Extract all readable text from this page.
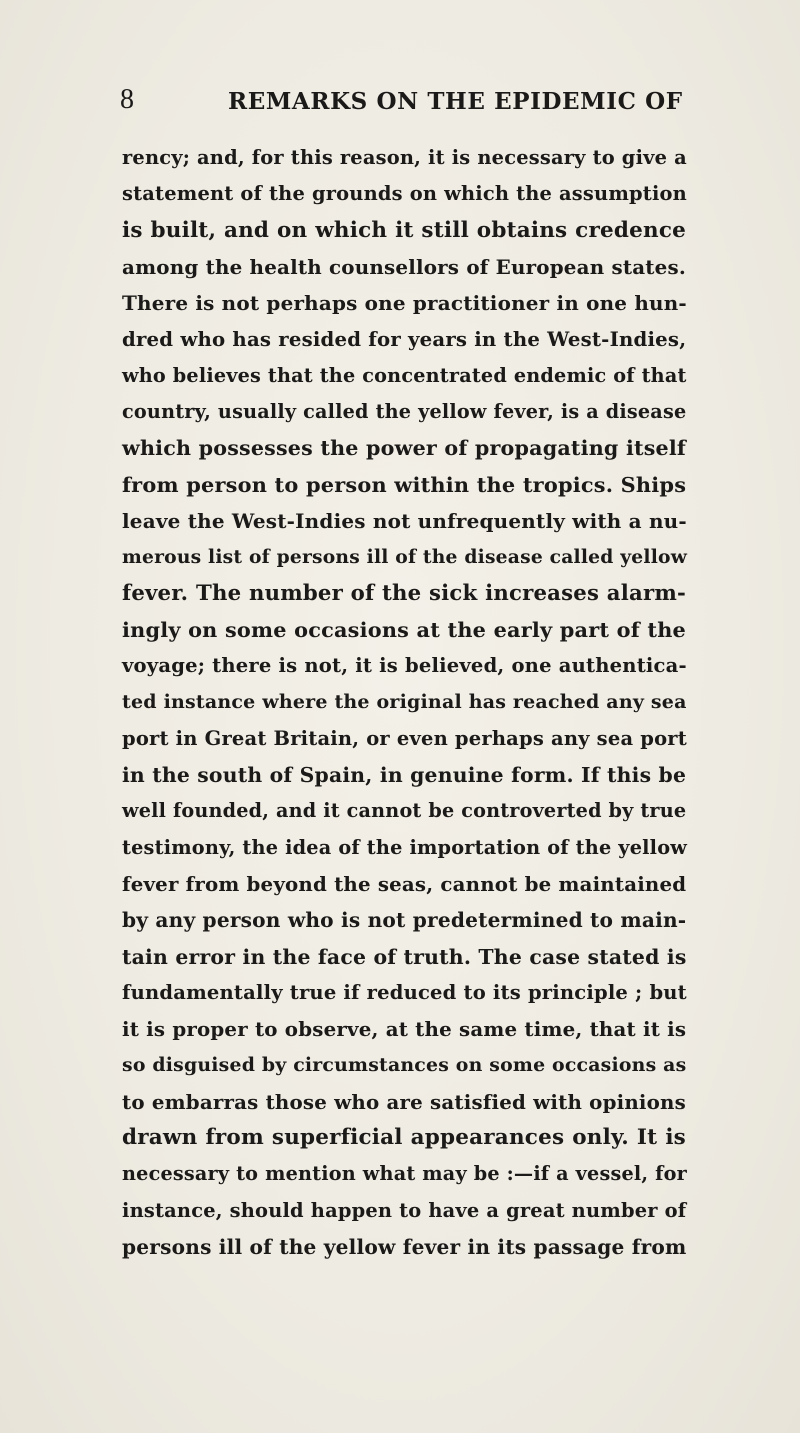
8	REMARKS ON THE EPIDEMIC OF
rency; and, for this reason, it is necessary to give a
statement of the grounds on which the assumption
is built, and on which it still obtains credence
among the health counsellors of European states.
There is not perhaps one practitioner in one hun-
dred who has resided for years in the West-Indies,
who believes that the concentrated endemic of that
country, usually called the yellow fever, is a disease
which possesses the power of propagating itself
from person to person within the tropics. Ships
leave the West-Indies not unfrequently with a nu-
merous list of persons ill of the disease called yellow
fever. The number of the sick increases alarm-
ingly on some occasions at the early part of the
voyage; there is not, it is believed, one authentica-
ted instance where the original has reached any sea
port in Great Britain, or even perhaps any sea port
in the south of Spain, in genuine form. If this be
well founded, and it cannot be controverted by true
testimony, the idea of the importation of the yellow
fever from beyond the seas, cannot be maintained
by any person who is not predetermined to main-
tain error in the face of truth. The case stated is
fundamentally true if reduced to its principle ; but
it is proper to observe, at the same time, that it is
so disguised by circumstances on some occasions as
to embarras those who are satisfied with opinions
drawn from superficial appearances only. It is
necessary to mention what may be :—if a vessel, for
instance, should happen to have a great number of
persons ill of the yellow fever in its passage from
